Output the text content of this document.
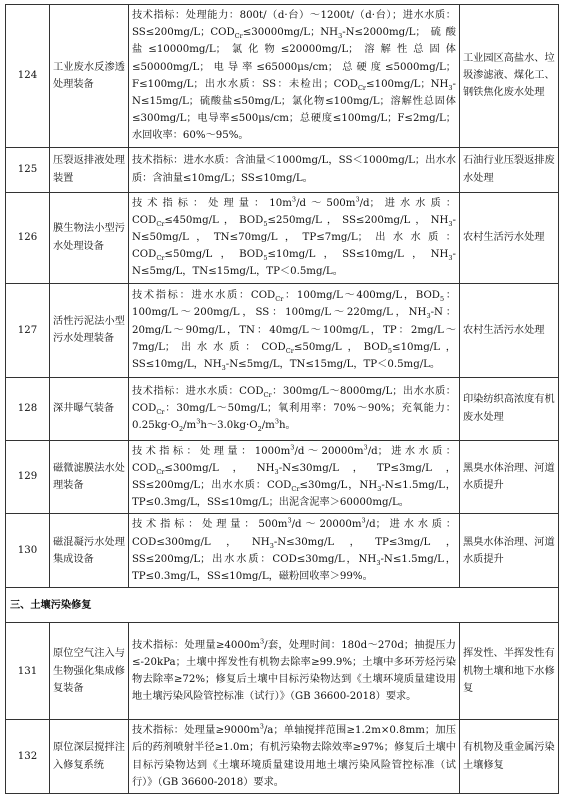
124	工业废水反渗透处理装备	技术指标：处理能力：800t/（d·台）～1200t/（d·台）；进水水质：SS≤200mg/L；$COD_{Cr}\le 30000mg/L$；$NH_3-N\le 2000mg/L$；硫酸盐≤10000mg/L；氯化物≤20000mg/L；溶解性总固体≤50000mg/L；电导率≤65000μs/cm；总硬度≤5000mg/L；F≤100mg/L；出水水质：SS：未检出；$COD_{Cr}\le 100mg/L$；$NH_3-N\le 15mg/L$；硫酸盐≤50mg/L；氯化物≤100mg/L；溶解性总固体≤300mg/L；电导率≤500μs/cm；总硬度≤100mg/L；F≤2mg/L；水回收率：60%～95%。	工业园区高盐水、垃圾渗滤液、煤化工、钢铁焦化废水处理
125	压裂返排液处理装置	技术指标：进水水质：含油量＜1000mg/L，SS＜1000mg/L；出水水质：含油量≤10mg/L；SS≤10mg/L。	石油行业压裂返排废水处理
126	膜生物法小型污水处理设备	技术指标：处理量：$10m^3/d\sim 500m^3/d$；进水水质：$COD_{Cr}\le 450mg/L$，$BOD_5\le 250mg/L$，SS≤200mg/L，$NH_3-N\le 50mg/L$，TN≤70mg/L，TP≤7mg/L；出水水质：$COD_{Cr}\le 50mg/L$，$BOD_5\le 10mg/L$，SS≤10mg/L，$NH_3-N\le 5mg/L$，TN≤15mg/L，TP＜0.5mg/L。	农村生活污水处理
127	活性污泥法小型污水处理装备	技术指标：进水水质：$COD_{Cr}$：100mg/L～400mg/L，$BOD_5$：100mg/L～200mg/L，SS：100mg/L～220mg/L，$NH_3-N$：20mg/L～90mg/L，TN：40mg/L～100mg/L，TP：2mg/L～7mg/L；出水水质：$COD_{Cr}\le 50mg/L$，$BOD_5\le 10mg/L$，SS≤10mg/L，$NH_3-N\le 5mg/L$，TN≤15mg/L，TP＜0.5mg/L。	农村生活污水处理
128	深井曝气装备	技术指标：进水水质：$COD_{Cr}$：300mg/L～8000mg/L；出水水质：$COD_{Cr}$：30mg/L～50mg/L；氧利用率：70%～90%；充氧能力：$0.25kg\cdot O_2/m^3h\sim 3.0kg\cdot O_2/m^3h$。	印染纺织高浓度有机废水处理
129	磁微滤膜法水处理装备	技术指标：处理量：$1000m^3/d\sim 20000m^3/d$；进水水质：$COD_{Cr}\le 300mg/L$，$NH_3-N\le 30mg/L$，TP≤3mg/L，SS≤200mg/L；出水水质：$COD_{Cr}\le 30mg/L$，$NH_3-N\le 1.5mg/L$，TP≤0.3mg/L，SS≤10mg/L；出泥含泥率＞60000mg/L。	黑臭水体治理、河道水质提升
130	磁混凝污水处理集成设备	技术指标：处理量：$500m^3/d\sim 20000m^3/d$；进水水质：COD≤300mg/L，$NH_3-N\le 30mg/L$，TP≤3mg/L，SS≤200mg/L；出水水质：COD≤30mg/L，$NH_3-N\le 1.5mg/L$，TP≤0.3mg/L，SS≤10mg/L，磁粉回收率＞99%。	黑臭水体治理、河道水质提升
三、土壤污染修复			
131	原位空气注入与生物强化集成修复装备	技术指标：处理量$\ge 4000m^3/$套，处理时间：180d～270d；抽提压力≤-20kPa；土壤中挥发性有机物去除率≥99.9%；土壤中多环芳烃污染物去除率≥72%；修复后土壤中目标污染物达到《土壤环境质量建设用地土壤污染风险管控标准（试行）》（GB 36600-2018）要求。	挥发性、半挥发性有机物土壤和地下水修复
132	原位深层搅拌注入修复系统	技术指标：处理量$\ge 9000m^3/a$；单轴搅拌范围≥1.2m×0.8mm；加压后的药剂喷射半径≥1.0m；有机污染物去除效率≥97%；修复后土壤中目标污染物达到《土壤环境质量建设用地土壤污染风险管控标准（试行）》（GB 36600-2018）要求。	有机物及重金属污染土壤修复
